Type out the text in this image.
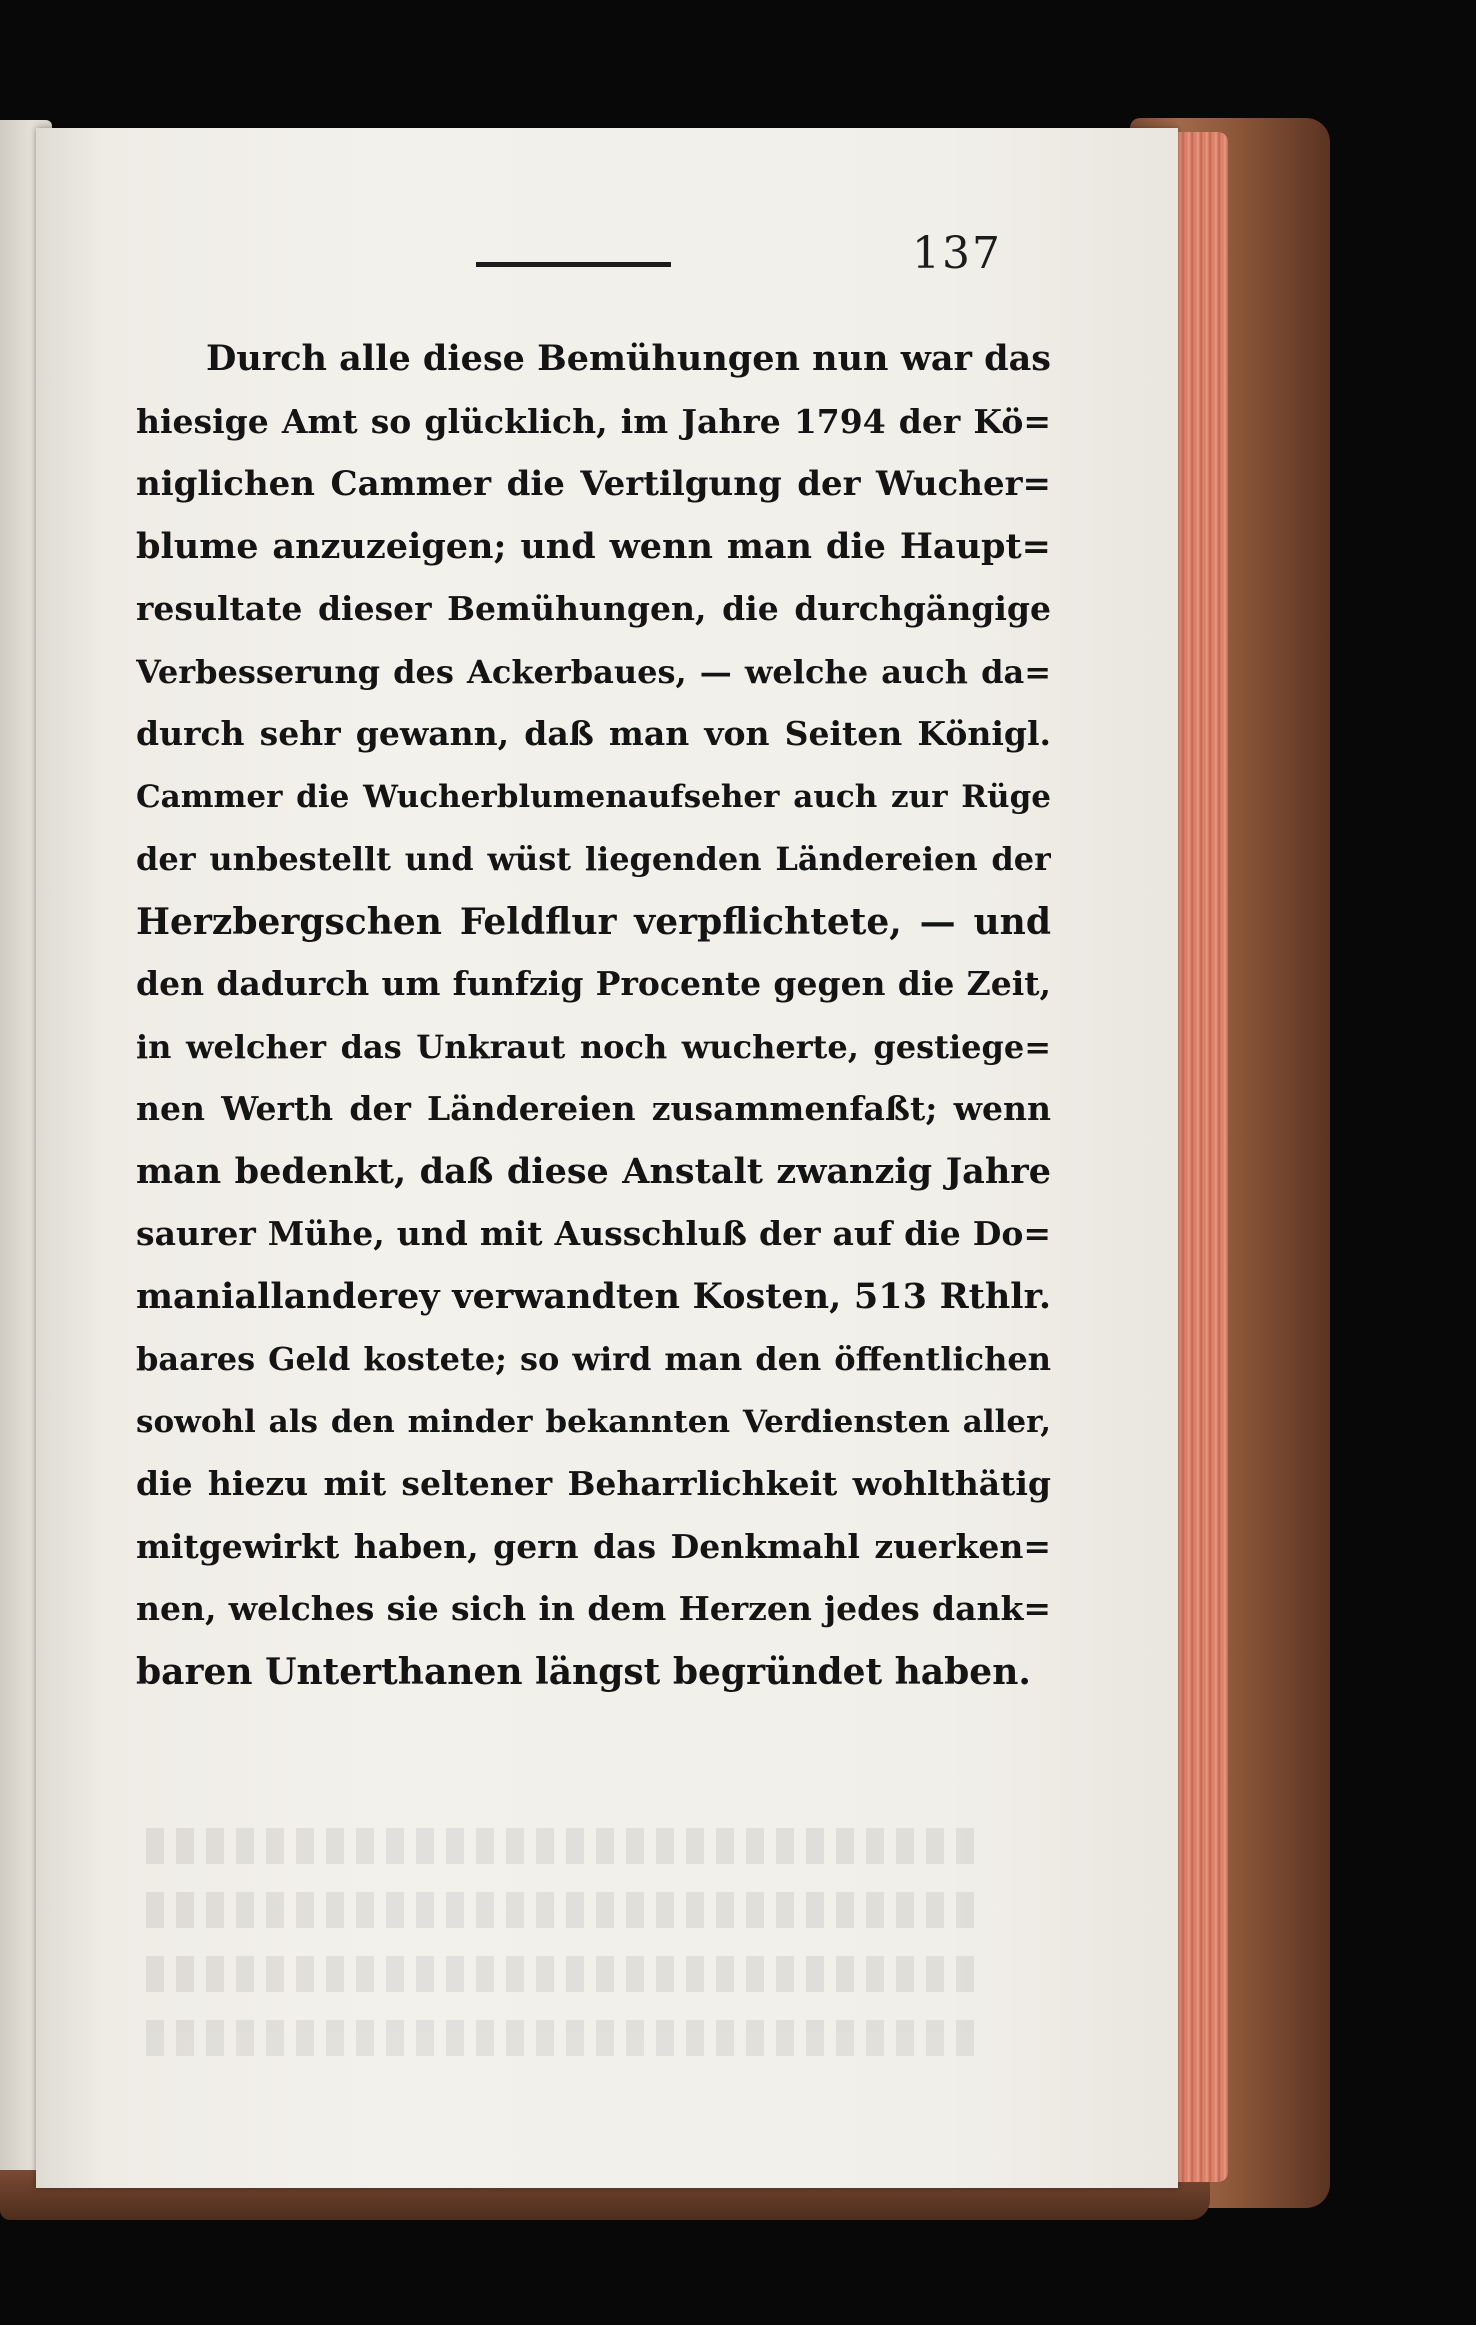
137
Durch alle diese Bemühungen nun war das
hiesige Amt so glücklich, im Jahre 1794 der Kö=
niglichen Cammer die Vertilgung der Wucher=
blume anzuzeigen; und wenn man die Haupt=
resultate dieser Bemühungen, die durchgängige
Verbesserung des Ackerbaues, — welche auch da=
durch sehr gewann, daß man von Seiten Königl.
Cammer die Wucherblumenaufseher auch zur Rüge
der unbestellt und wüst liegenden Ländereien der
Herzbergschen Feldflur verpflichtete, — und
den dadurch um funfzig Procente gegen die Zeit,
in welcher das Unkraut noch wucherte, gestiege=
nen Werth der Ländereien zusammenfaßt; wenn
man bedenkt, daß diese Anstalt zwanzig Jahre
saurer Mühe, und mit Ausschluß der auf die Do=
maniallanderey verwandten Kosten, 513 Rthlr.
baares Geld kostete; so wird man den öffentlichen
sowohl als den minder bekannten Verdiensten aller,
die hiezu mit seltener Beharrlichkeit wohlthätig
mitgewirkt haben, gern das Denkmahl zuerken=
nen, welches sie sich in dem Herzen jedes dank=
baren Unterthanen längst begründet haben.
